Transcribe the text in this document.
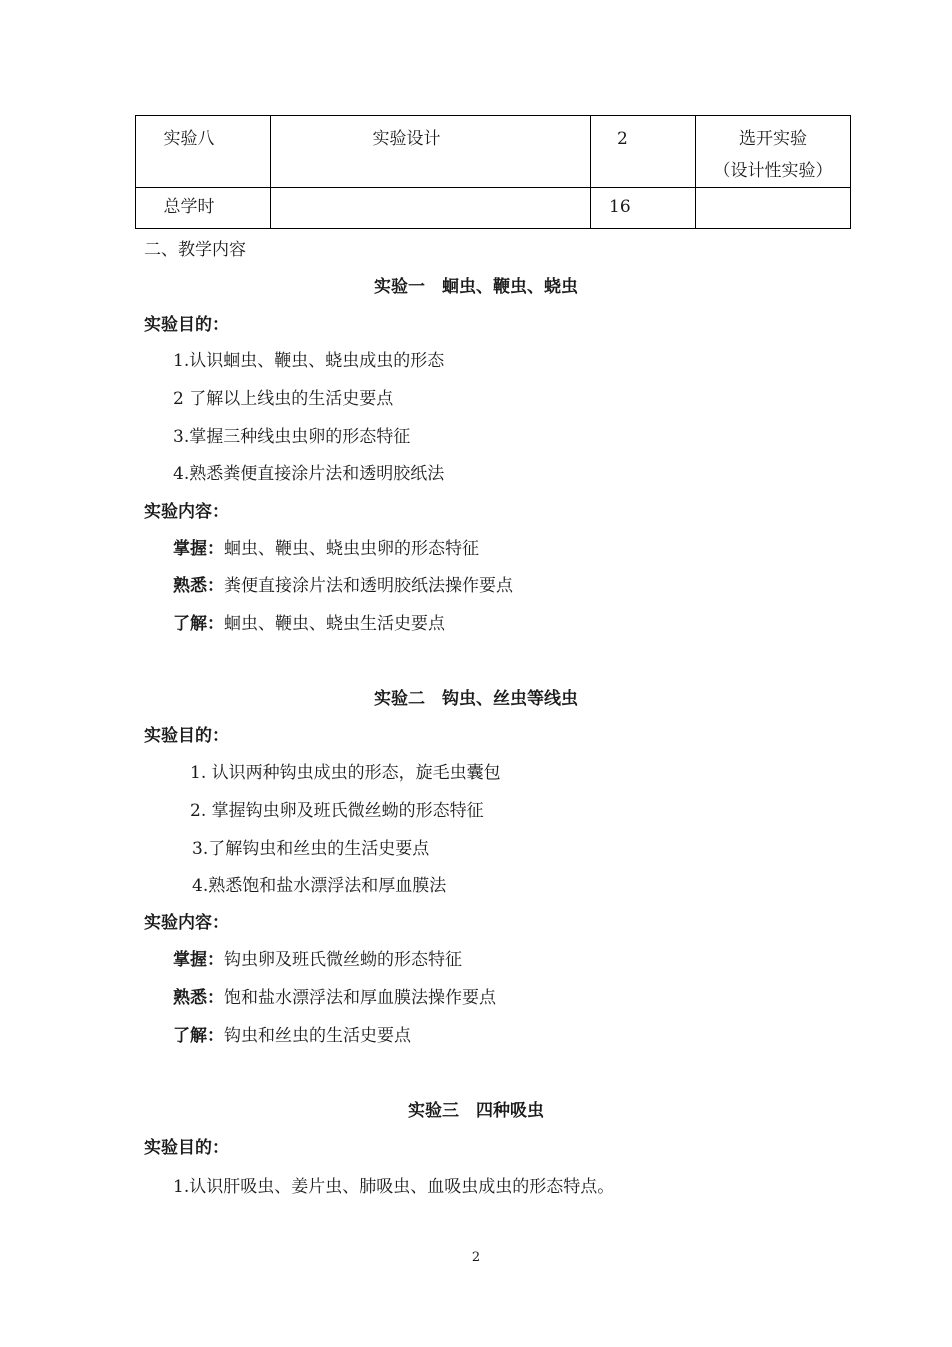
实验八	实验设计	2	选开实验
（设计性实验）

总学时		16	

二、教学内容
实验一　蛔虫、鞭虫、蛲虫
实验目的：
1.认识蛔虫、鞭虫、蛲虫成虫的形态
2 了解以上线虫的生活史要点
3.掌握三种线虫虫卵的形态特征
4.熟悉粪便直接涂片法和透明胶纸法
实验内容：
掌握：蛔虫、鞭虫、蛲虫虫卵的形态特征
熟悉：粪便直接涂片法和透明胶纸法操作要点
了解：蛔虫、鞭虫、蛲虫生活史要点
实验二　钩虫、丝虫等线虫
实验目的：
1. 认识两种钩虫成虫的形态，旋毛虫囊包
2. 掌握钩虫卵及班氏微丝蚴的形态特征
3.了解钩虫和丝虫的生活史要点
4.熟悉饱和盐水漂浮法和厚血膜法
实验内容：
掌握：钩虫卵及班氏微丝蚴的形态特征
熟悉：饱和盐水漂浮法和厚血膜法操作要点
了解：钩虫和丝虫的生活史要点
实验三　四种吸虫
实验目的：
1.认识肝吸虫、姜片虫、肺吸虫、血吸虫成虫的形态特点。
2
